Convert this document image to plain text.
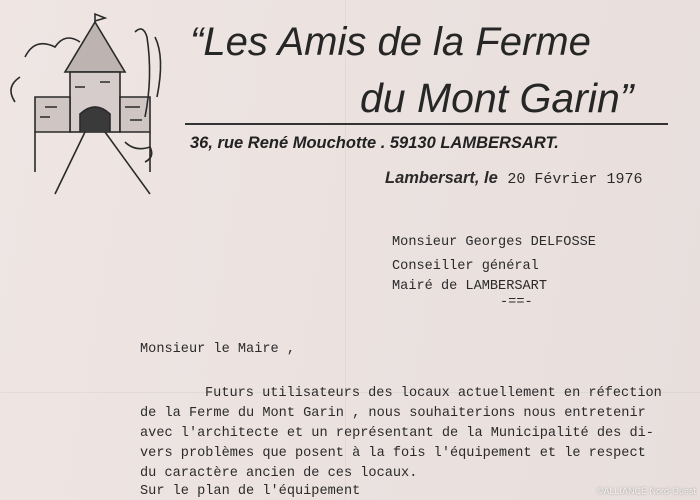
“Les Amis de la Ferme
du Mont Garin”
36, rue René Mouchotte . 59130 LAMBERSART.
Lambersart, le 20 Février 1976
Monsieur Georges DELFOSSE
Conseiller général
Mairé de LAMBERSART
-==-
Monsieur le Maire ,
Futurs utilisateurs des locaux actuellement en réfection
de la Ferme du Mont Garin , nous souhaiterions nous entretenir
avec l'architecte et un représentant de la Municipalité des di-
vers problèmes que posent à la fois l'équipement et le respect
du caractère ancien de ces locaux.
Sur le plan de l'équipement	©ALLIANCE Nord-Ouest
